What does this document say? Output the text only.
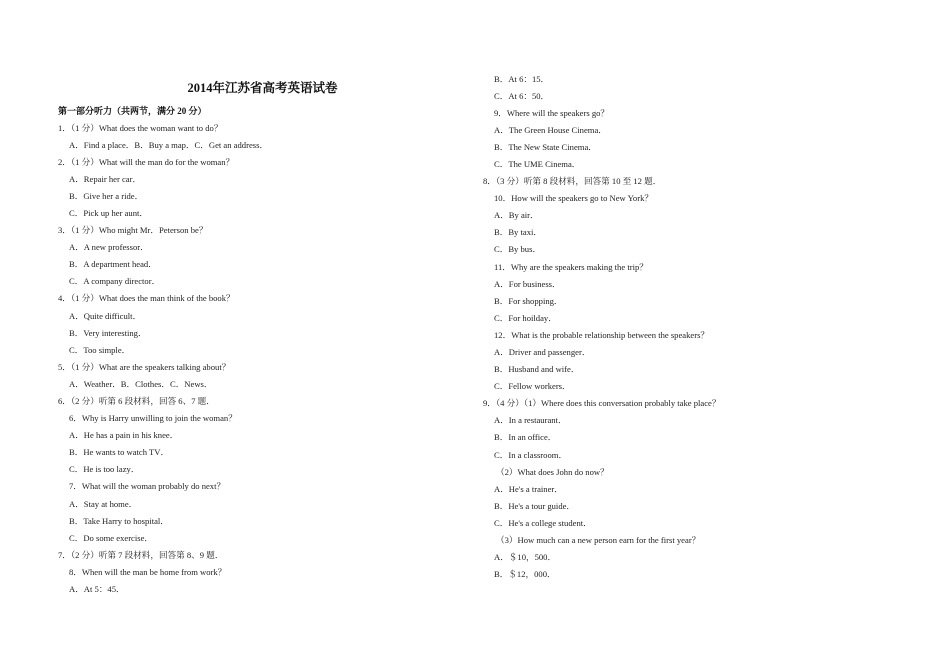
2014年江苏省高考英语试卷
第一部分听力（共两节，满分 20 分）
1．（1 分）What does the woman want to do？
A．Find a place．B．Buy a map．C．Get an address．
2．（1 分）What will the man do for the woman？
A．Repair her car．
B．Give her a ride．
C．Pick up her aunt．
3．（1 分）Who might Mr．Peterson be？
A．A new professor．
B．A department head．
C．A company director．
4．（1 分）What does the man think of the book？
A．Quite difficult．
B．Very interesting．
C．Too simple．
5．（1 分）What are the speakers talking about？
A．Weather．B．Clothes．C．News．
6．（2 分）听第 6 段材料，回答 6、7 题．
6．Why is Harry unwilling to join the woman？
A．He has a pain in his knee．
B．He wants to watch TV．
C．He is too lazy．
7．What will the woman probably do next？
A．Stay at home．
B．Take Harry to hospital．
C．Do some exercise．
7．（2 分）听第 7 段材料，回答第 8、9 题．
8．When will the man be home from work？
A．At 5：45．
B．At 6：15．
C．At 6：50．
9．Where will the speakers go？
A．The Green House Cinema．
B．The New State Cinema．
C．The UME Cinema．
8．（3 分）听第 8 段材料，回答第 10 至 12 题．
10．How will the speakers go to New York？
A．By air．
B．By taxi．
C．By bus．
11．Why are the speakers making the trip？
A．For business．
B．For shopping．
C．For hoilday．
12．What is the probable relationship between the speakers？
A．Driver and passenger．
B．Husband and wife．
C．Fellow workers．
9．（4 分）（1）Where does this conversation probably take place？
A．In a restaurant．
B．In an office．
C．In a classroom．
（2）What does John do now？
A．He's a trainer．
B．He's a tour guide．
C．He's a college student．
（3）How much can a new person earn for the first year？
A．＄10，500．
B．＄12，000．
